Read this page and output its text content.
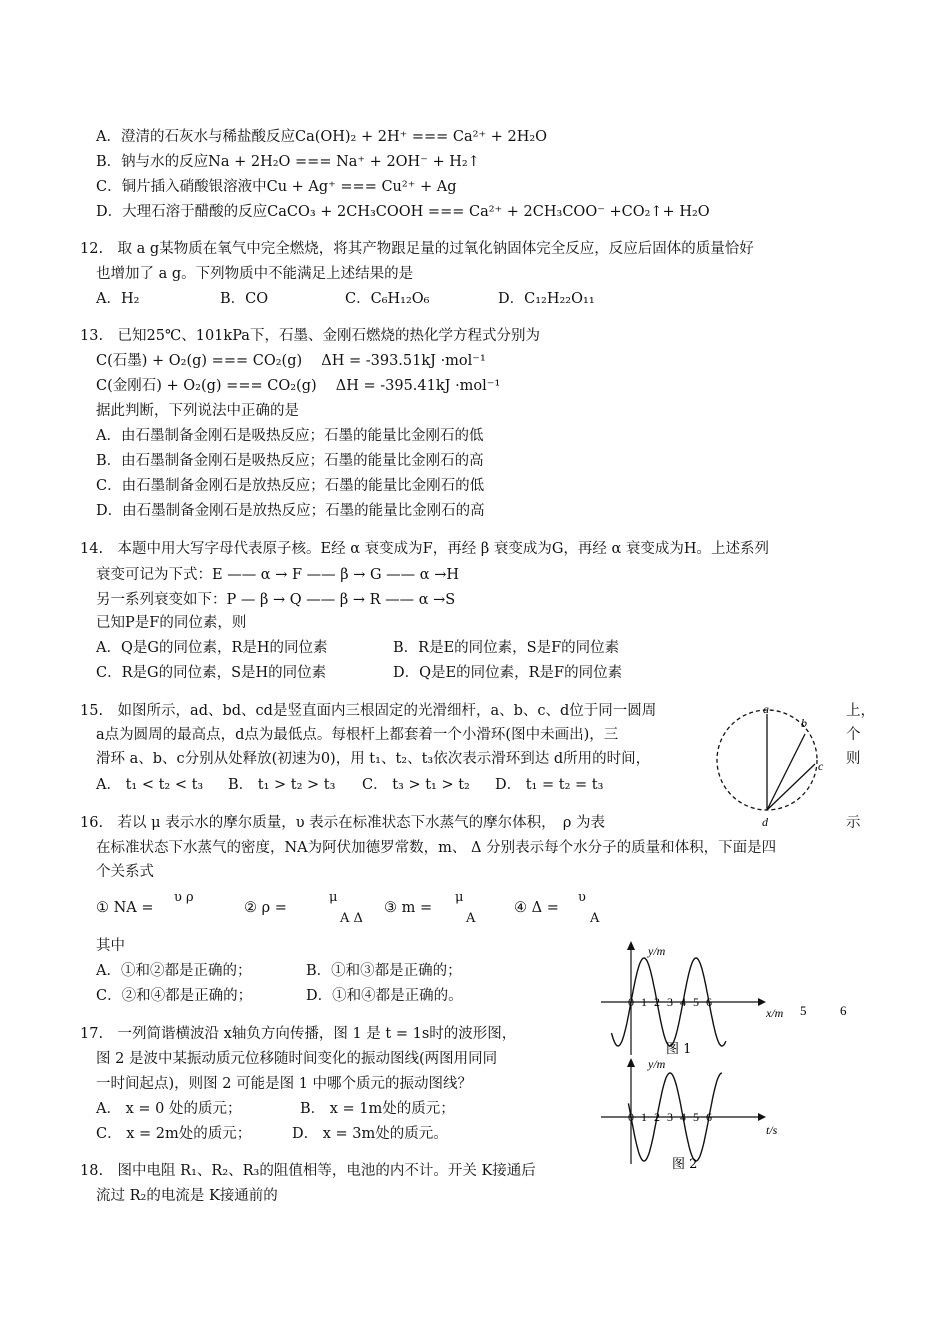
A．澄清的石灰水与稀盐酸反应Ca(OH)₂ + 2H⁺ === Ca²⁺ + 2H₂O
B．钠与水的反应Na + 2H₂O === Na⁺ + 2OH⁻ + H₂↑
C．铜片插入硝酸银溶液中Cu + Ag⁺ === Cu²⁺ + Ag
D．大理石溶于醋酸的反应CaCO₃ + 2CH₃COOH === Ca²⁺ + 2CH₃COO⁻ +CO₂↑+ H₂O
12.　取 a g某物质在氧气中完全燃烧，将其产物跟足量的过氧化钠固体完全反应，反应后固体的质量恰好
也增加了 a g。下列物质中不能满足上述结果的是
A．H₂	B．CO	C．C₆H₁₂O₆	D．C₁₂H₂₂O₁₁
13.　已知25℃、101kPa下，石墨、金刚石燃烧的热化学方程式分别为
C(石墨) + O₂(g) === CO₂(g)　 ΔH = -393.51kJ ·mol⁻¹
C(金刚石) + O₂(g) === CO₂(g)　 ΔH = -395.41kJ ·mol⁻¹
据此判断，下列说法中正确的是
A．由石墨制备金刚石是吸热反应；石墨的能量比金刚石的低
B．由石墨制备金刚石是吸热反应；石墨的能量比金刚石的高
C．由石墨制备金刚石是放热反应；石墨的能量比金刚石的低
D．由石墨制备金刚石是放热反应；石墨的能量比金刚石的高
14.　本题中用大写字母代表原子核。E经 α 衰变成为F，再经 β 衰变成为G，再经 α 衰变成为H。上述系列
衰变可记为下式：E —— α → F —— β → G —— α →H
另一系列衰变如下：P — β → Q —— β → R —— α →S
已知P是F的同位素，则
A．Q是G的同位素，R是H的同位素	B．R是E的同位素，S是F的同位素
C．R是G的同位素，S是H的同位素	D．Q是E的同位素，R是F的同位素
15.　如图所示，ad、bd、cd是竖直面内三根固定的光滑细杆，a、b、c、d位于同一圆周	上，
a点为圆周的最高点，d点为最低点。每根杆上都套着一个小滑环(图中未画出)，三	个
滑环 a、b、c分别从处释放(初速为0)，用 t₁、t₂、t₃依次表示滑环到达 d所用的时间，	则
A． t₁ < t₂ < t₃ B． t₁ > t₂ > t₃ C． t₃ > t₁ > t₂ D． t₁ = t₂ = t₃
a
b
c
d
16.　若以 μ 表示水的摩尔质量，υ 表示在标准状态下水蒸气的摩尔体积，　ρ 为表	示
在标准状态下水蒸气的密度，NA为阿伏加德罗常数，m、 Δ 分别表示每个水分子的质量和体积，下面是四
个关系式
① NA =
υ ρ
② ρ =
μ
A Δ
③ m =
μ
A
④ Δ =
υ
A
其中
A．①和②都是正确的；	B．①和③都是正确的；
C．②和④都是正确的；	D．①和④都是正确的。
17.　一列简谐横波沿 x轴负方向传播，图 1 是 t = 1s时的波形图，
图 2 是波中某振动质元位移随时间变化的振动图线(两图用同同
一时间起点)，则图 2 可能是图 1 中哪个质元的振动图线？
A． x = 0 处的质元；	B． x = 1m处的质元；
C． x = 2m处的质元；	D． x = 3m处的质元。
18.　图中电阻 R₁、R₂、R₃的阻值相等，电池的内不计。开关 K接通后
流过 R₂的电流是 K接通前的
0 1 2 3 4 5 6
y/m
x/m 5	6
图 1
0 1 2 3 4 5 6
y/m
t/s
图 2
